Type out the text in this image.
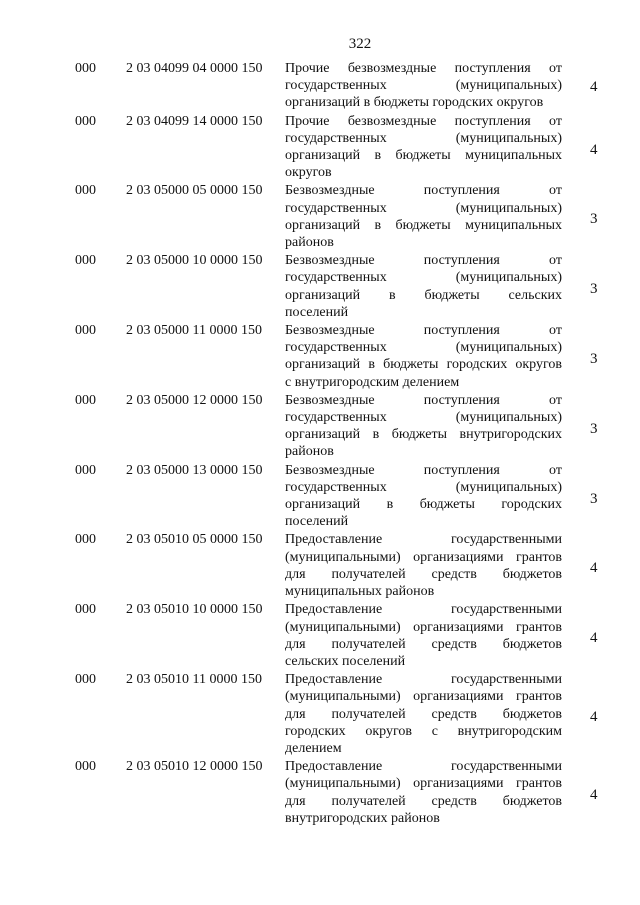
322
000 2 03 04099 04 0000 150 Прочие безвозмездные поступления от
государственных (муниципальных)
организаций в бюджеты городских округов
4
000 2 03 04099 14 0000 150 Прочие безвозмездные поступления от
государственных (муниципальных)
организаций в бюджеты муниципальных
округов
4
000 2 03 05000 05 0000 150 Безвозмездные поступления от
государственных (муниципальных)
организаций в бюджеты муниципальных
районов
3
000 2 03 05000 10 0000 150 Безвозмездные поступления от
государственных (муниципальных)
организаций в бюджеты сельских
поселений
3
000 2 03 05000 11 0000 150 Безвозмездные поступления от
государственных (муниципальных)
организаций в бюджеты городских округов
с внутригородским делением
3
000 2 03 05000 12 0000 150 Безвозмездные поступления от
государственных (муниципальных)
организаций в бюджеты внутригородских
районов
3
000 2 03 05000 13 0000 150 Безвозмездные поступления от
государственных (муниципальных)
организаций в бюджеты городских
поселений
3
000 2 03 05010 05 0000 150 Предоставление государственными
(муниципальными) организациями грантов
для получателей средств бюджетов
муниципальных районов
4
000 2 03 05010 10 0000 150 Предоставление государственными
(муниципальными) организациями грантов
для получателей средств бюджетов
сельских поселений
4
000 2 03 05010 11 0000 150 Предоставление государственными
(муниципальными) организациями грантов
для получателей средств бюджетов
городских округов с внутригородским
делением
4
000 2 03 05010 12 0000 150 Предоставление государственными
(муниципальными) организациями грантов
для получателей средств бюджетов
внутригородских районов
4
